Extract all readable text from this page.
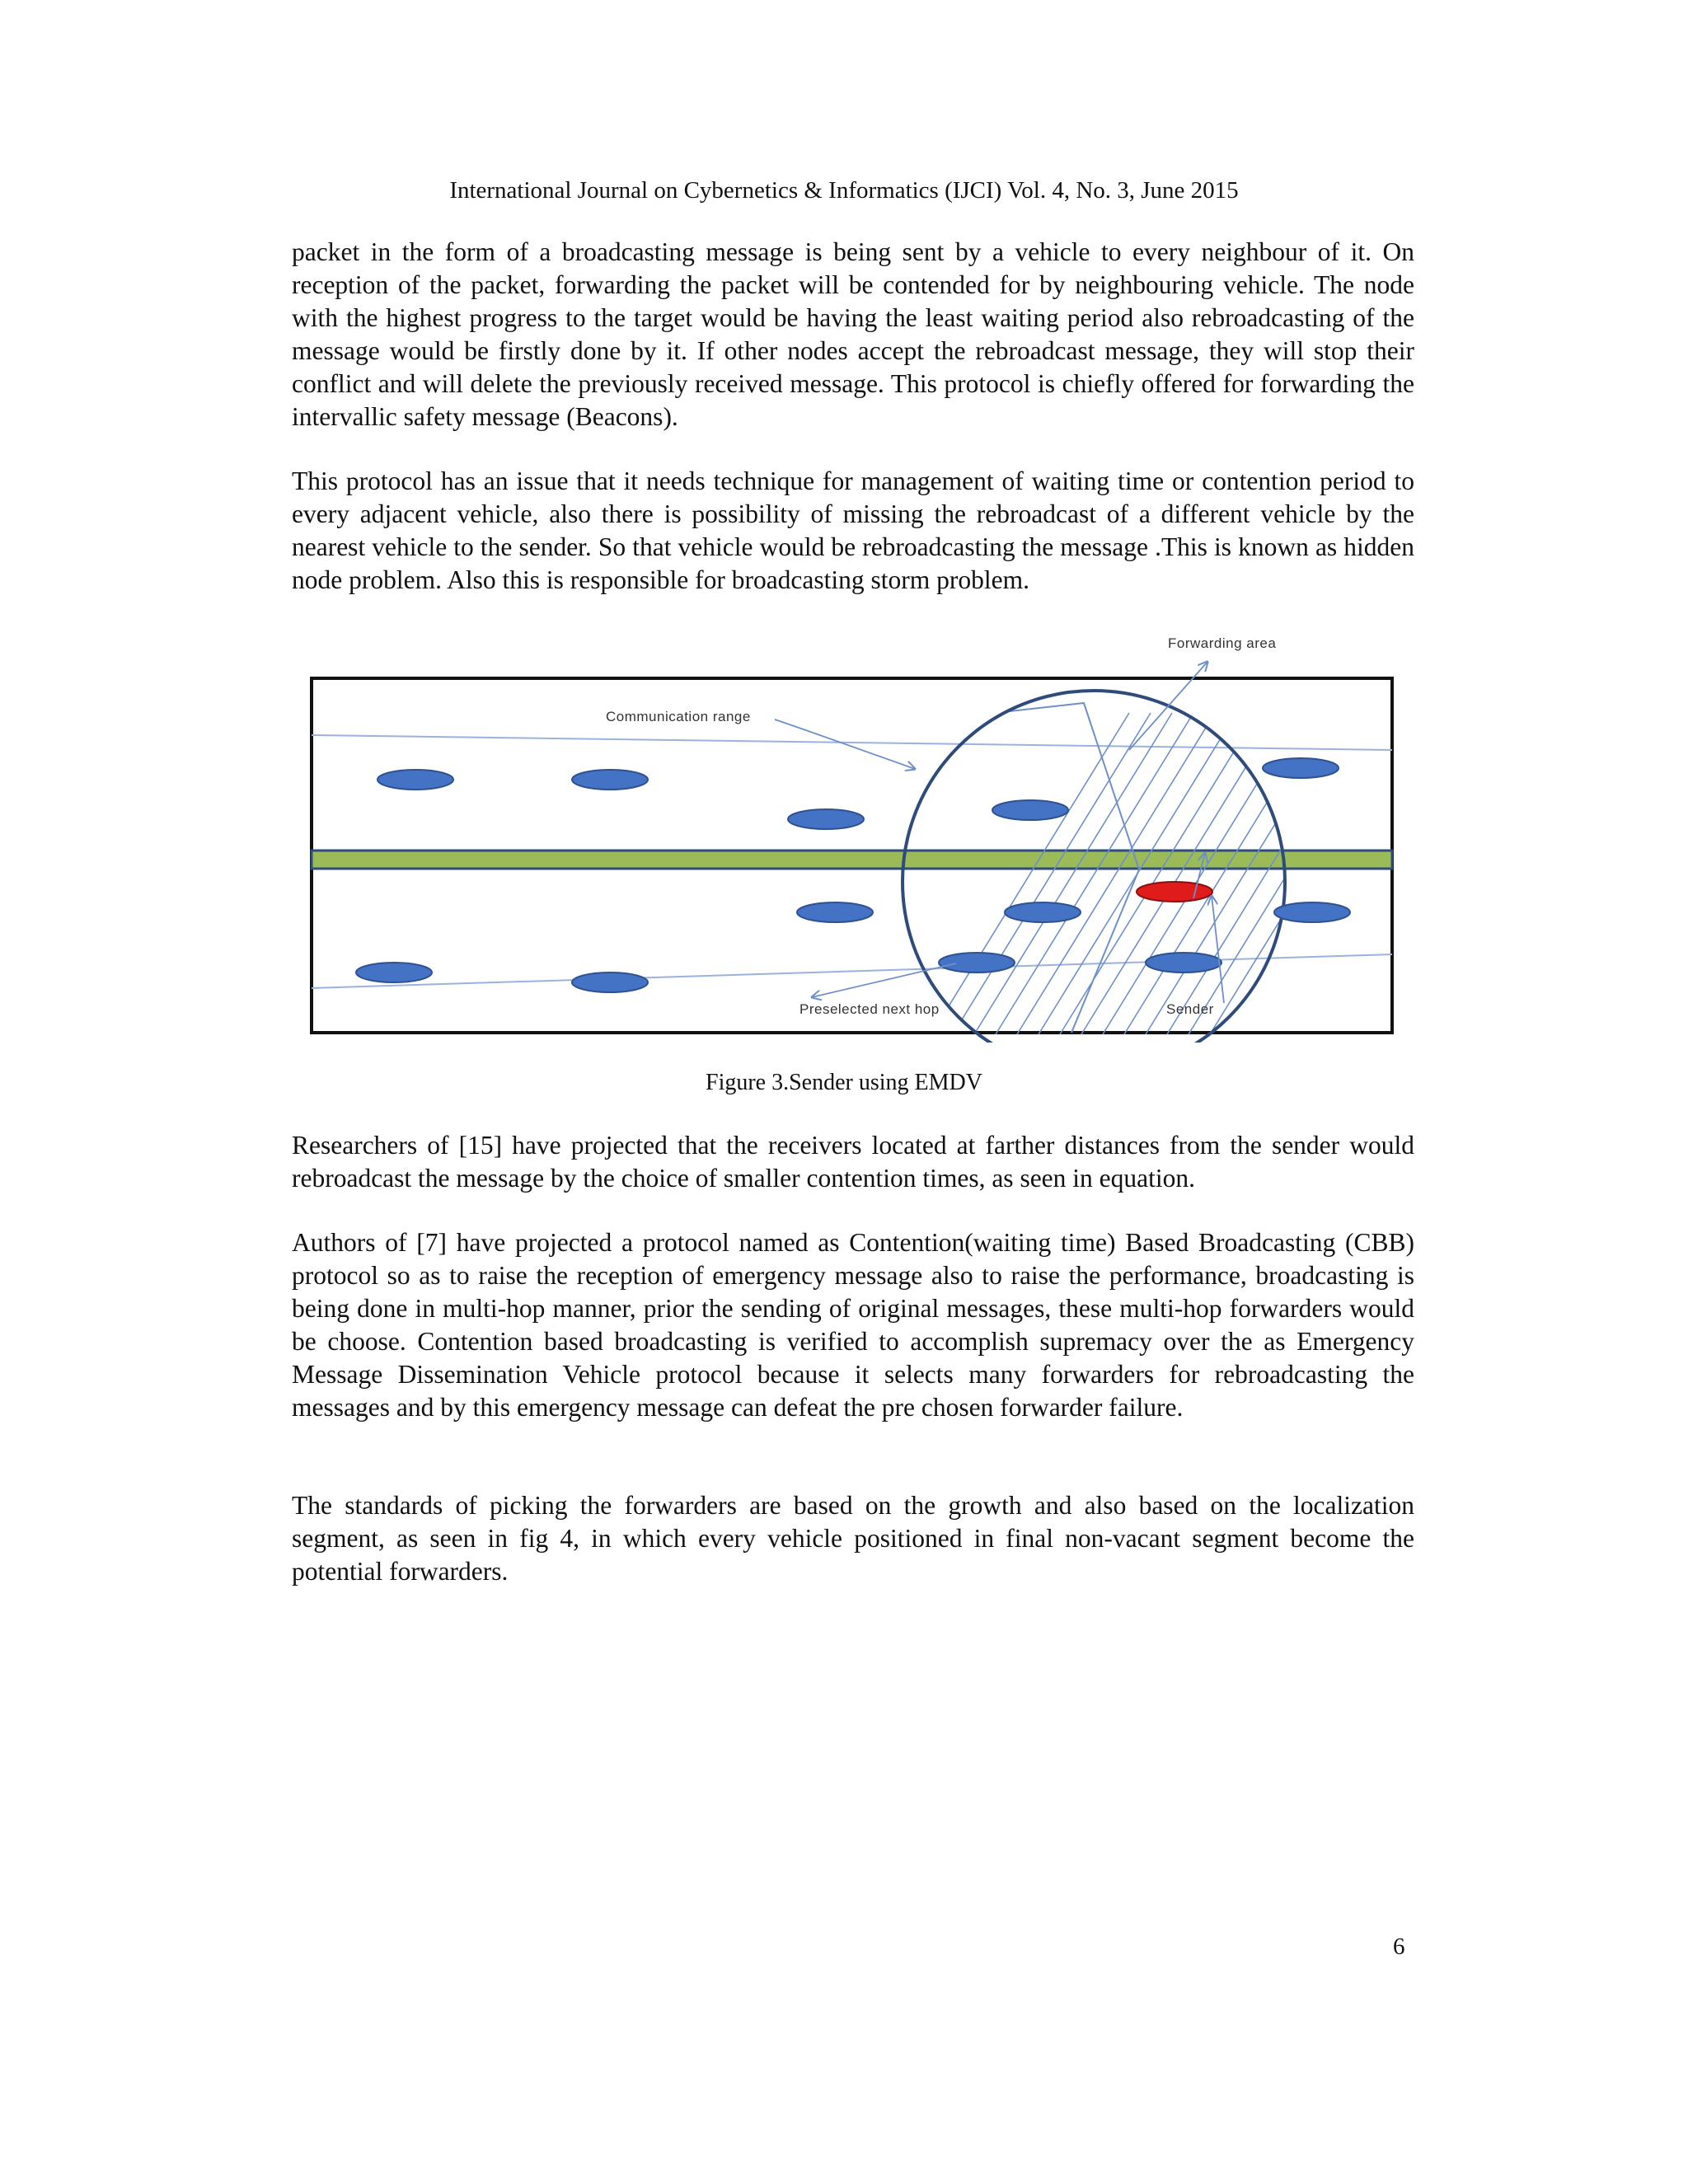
International Journal on Cybernetics & Informatics (IJCI) Vol. 4, No. 3, June 2015

packet in the form of a broadcasting message is being sent by a vehicle to every neighbour of it. On reception of the packet, forwarding the packet will be contended for by neighbouring vehicle. The node with the highest progress to the target would be having the least waiting period also rebroadcasting of the message would be firstly done by it. If other nodes accept the rebroadcast message, they will stop their conflict and will delete the previously received message. This protocol is chiefly offered for forwarding the intervallic safety message (Beacons).

This protocol has an issue that it needs technique for management of waiting time or contention period to every adjacent vehicle, also there is possibility of missing the rebroadcast of a different vehicle by the nearest vehicle to the sender. So that vehicle would be rebroadcasting the message .This is known as hidden node problem. Also this is responsible for broadcasting storm problem.

Forwarding area
Communication range
Preselected next hop	Sender
Figure 3.Sender using EMDV

Researchers of [15] have projected that the receivers located at farther distances from the sender would rebroadcast the message by the choice of smaller contention times, as seen in equation.

Authors of [7] have projected a protocol named as Contention(waiting time) Based Broadcasting (CBB) protocol so as to raise the reception of emergency message also to raise the performance, broadcasting is being done in multi-hop manner, prior the sending of original messages, these multi-hop forwarders would be choose. Contention based broadcasting is verified to accomplish supremacy over the as Emergency Message Dissemination Vehicle protocol because it selects many forwarders for rebroadcasting the messages and by this emergency message can defeat the pre chosen forwarder failure.

The standards of picking the forwarders are based on the growth and also based on the localization segment, as seen in fig 4, in which every vehicle positioned in final non-vacant segment become the potential forwarders.

6
